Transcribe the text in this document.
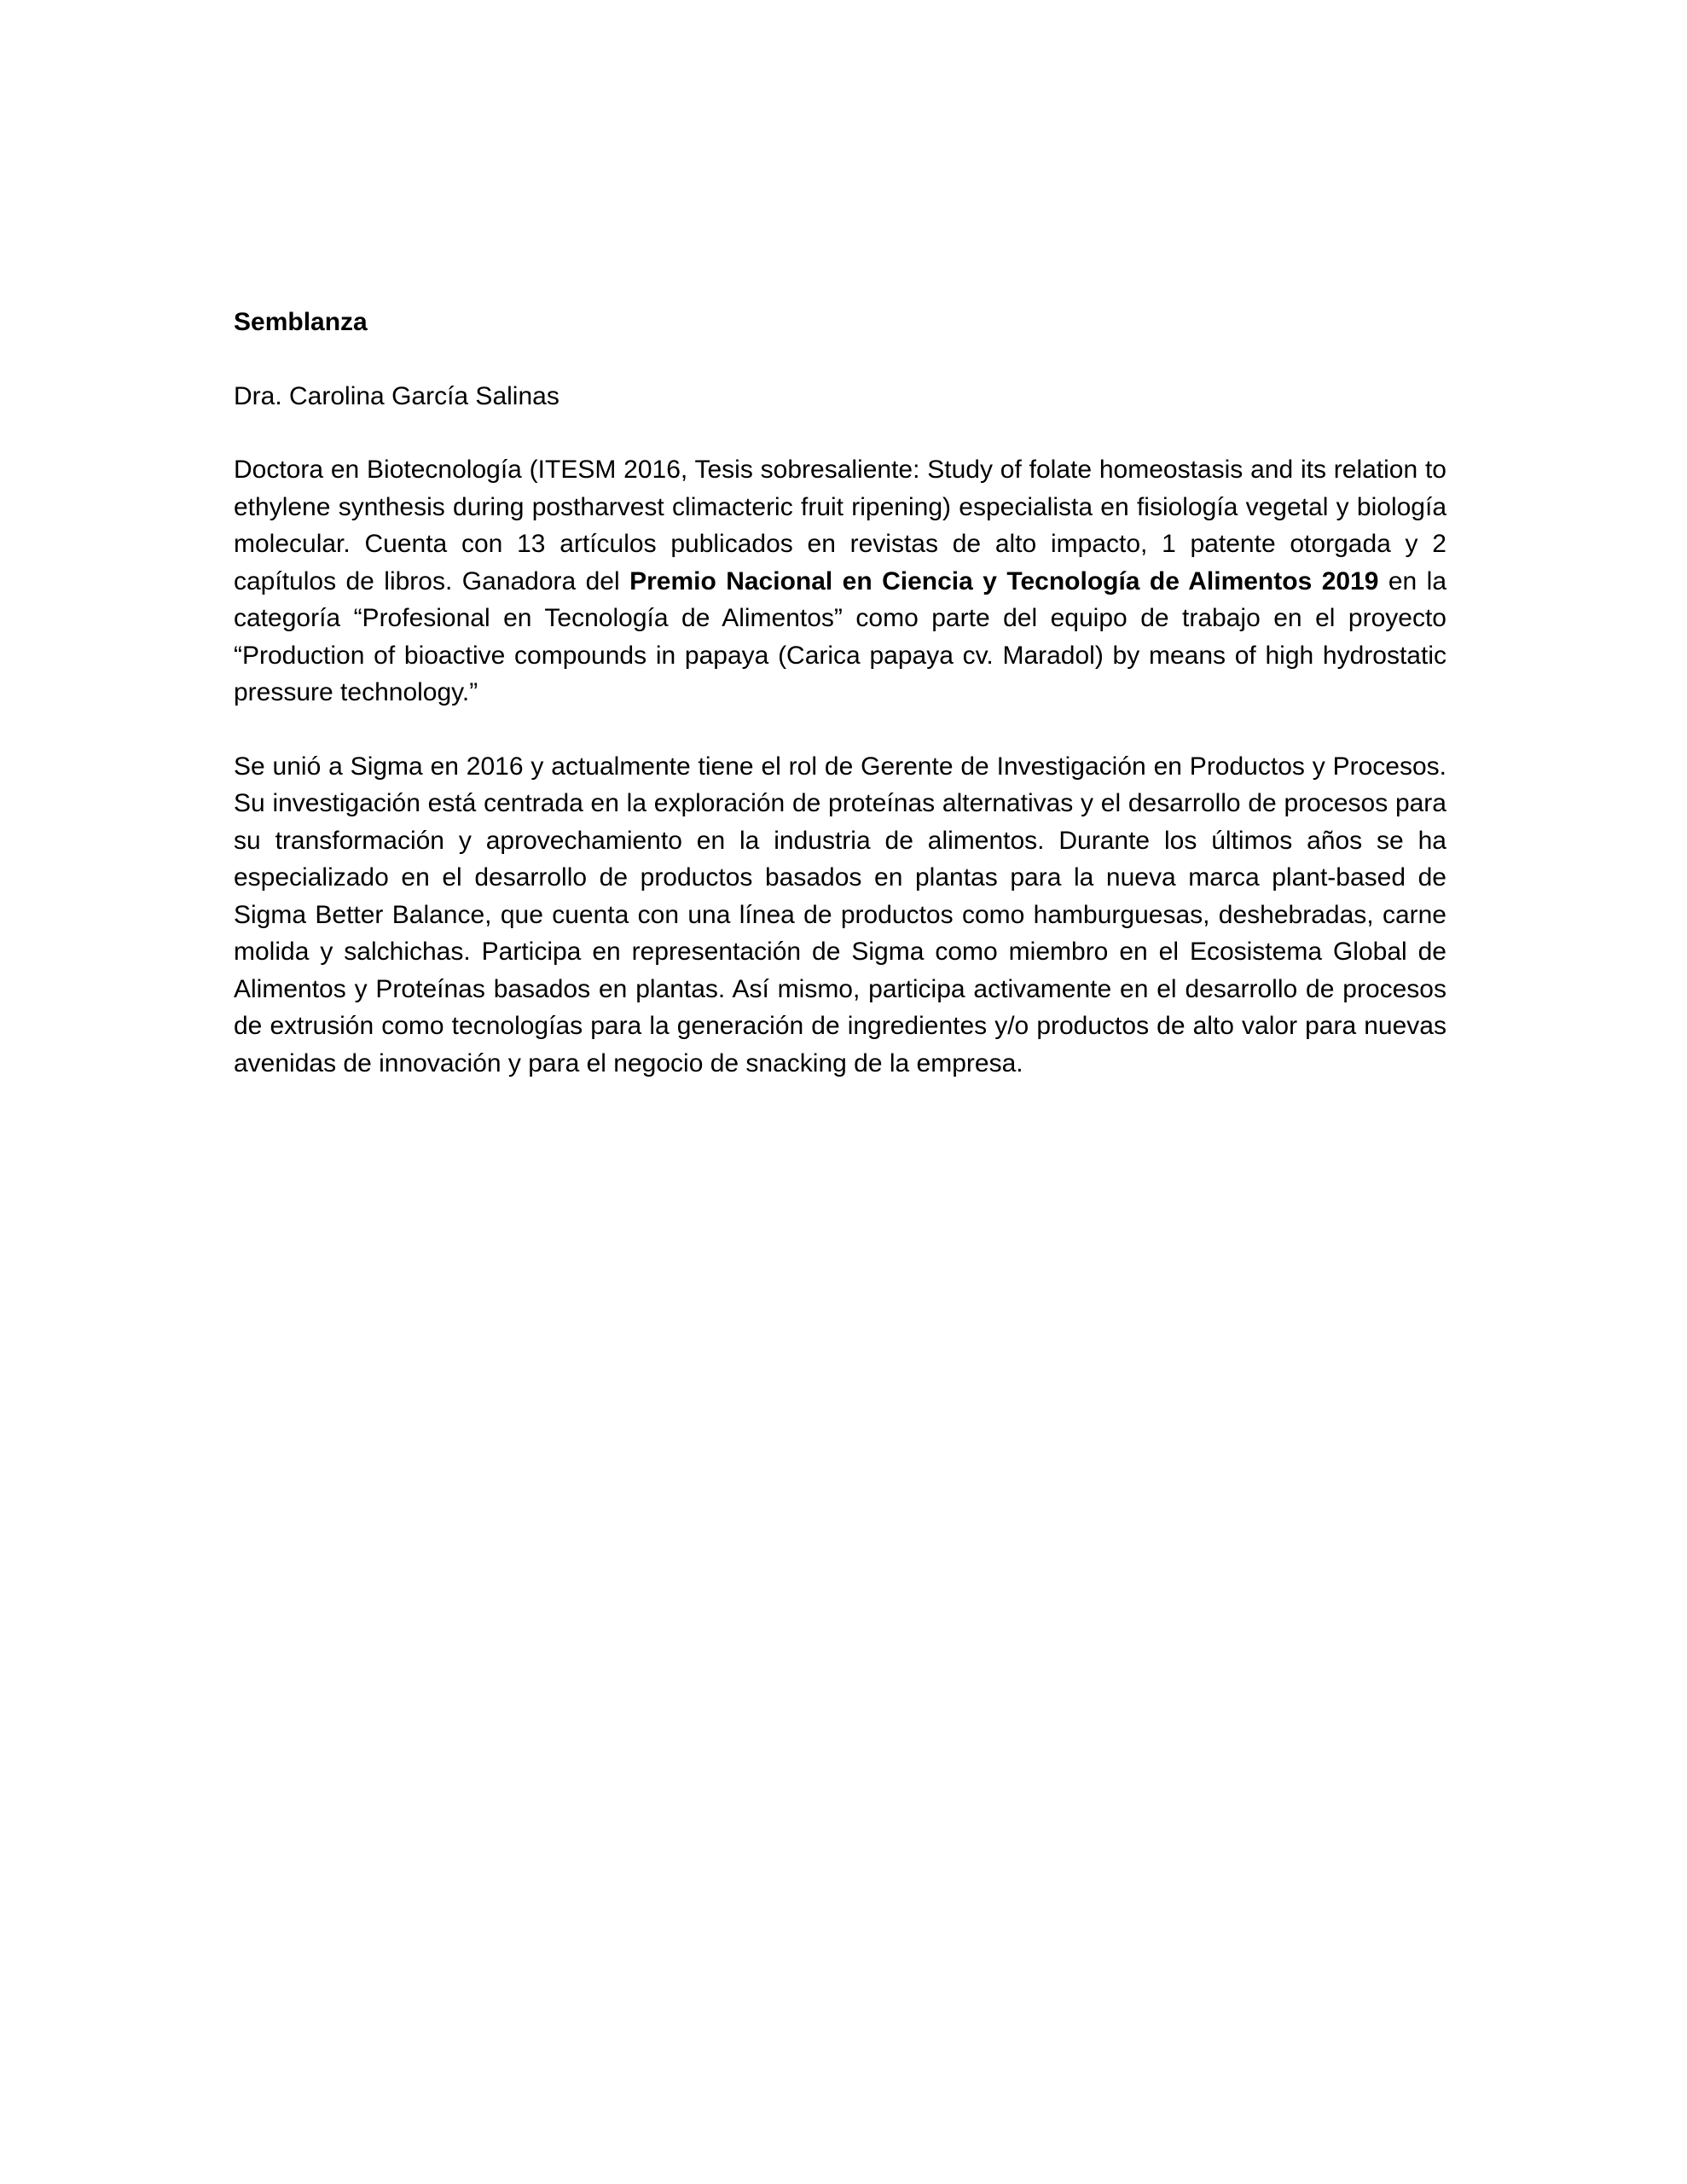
Semblanza

Dra. Carolina García Salinas

Doctora en Biotecnología (ITESM 2016, Tesis sobresaliente: Study of folate homeostasis and its relation to ethylene synthesis during postharvest climacteric fruit ripening) especialista en fisiología vegetal y biología molecular. Cuenta con 13 artículos publicados en revistas de alto impacto, 1 patente otorgada y 2 capítulos de libros. Ganadora del Premio Nacional en Ciencia y Tecnología de Alimentos 2019 en la categoría “Profesional en Tecnología de Alimentos” como parte del equipo de trabajo en el proyecto “Production of bioactive compounds in papaya (Carica papaya cv. Maradol) by means of high hydrostatic pressure technology.”

Se unió a Sigma en 2016 y actualmente tiene el rol de Gerente de Investigación en Productos y Procesos. Su investigación está centrada en la exploración de proteínas alternativas y el desarrollo de procesos para su transformación y aprovechamiento en la industria de alimentos. Durante los últimos años se ha especializado en el desarrollo de productos basados en plantas para la nueva marca plant-based de Sigma Better Balance, que cuenta con una línea de productos como hamburguesas, deshebradas, carne molida y salchichas. Participa en representación de Sigma como miembro en el Ecosistema Global de Alimentos y Proteínas basados en plantas. Así mismo, participa activamente en el desarrollo de procesos de extrusión como tecnologías para la generación de ingredientes y/o productos de alto valor para nuevas avenidas de innovación y para el negocio de snacking de la empresa.
